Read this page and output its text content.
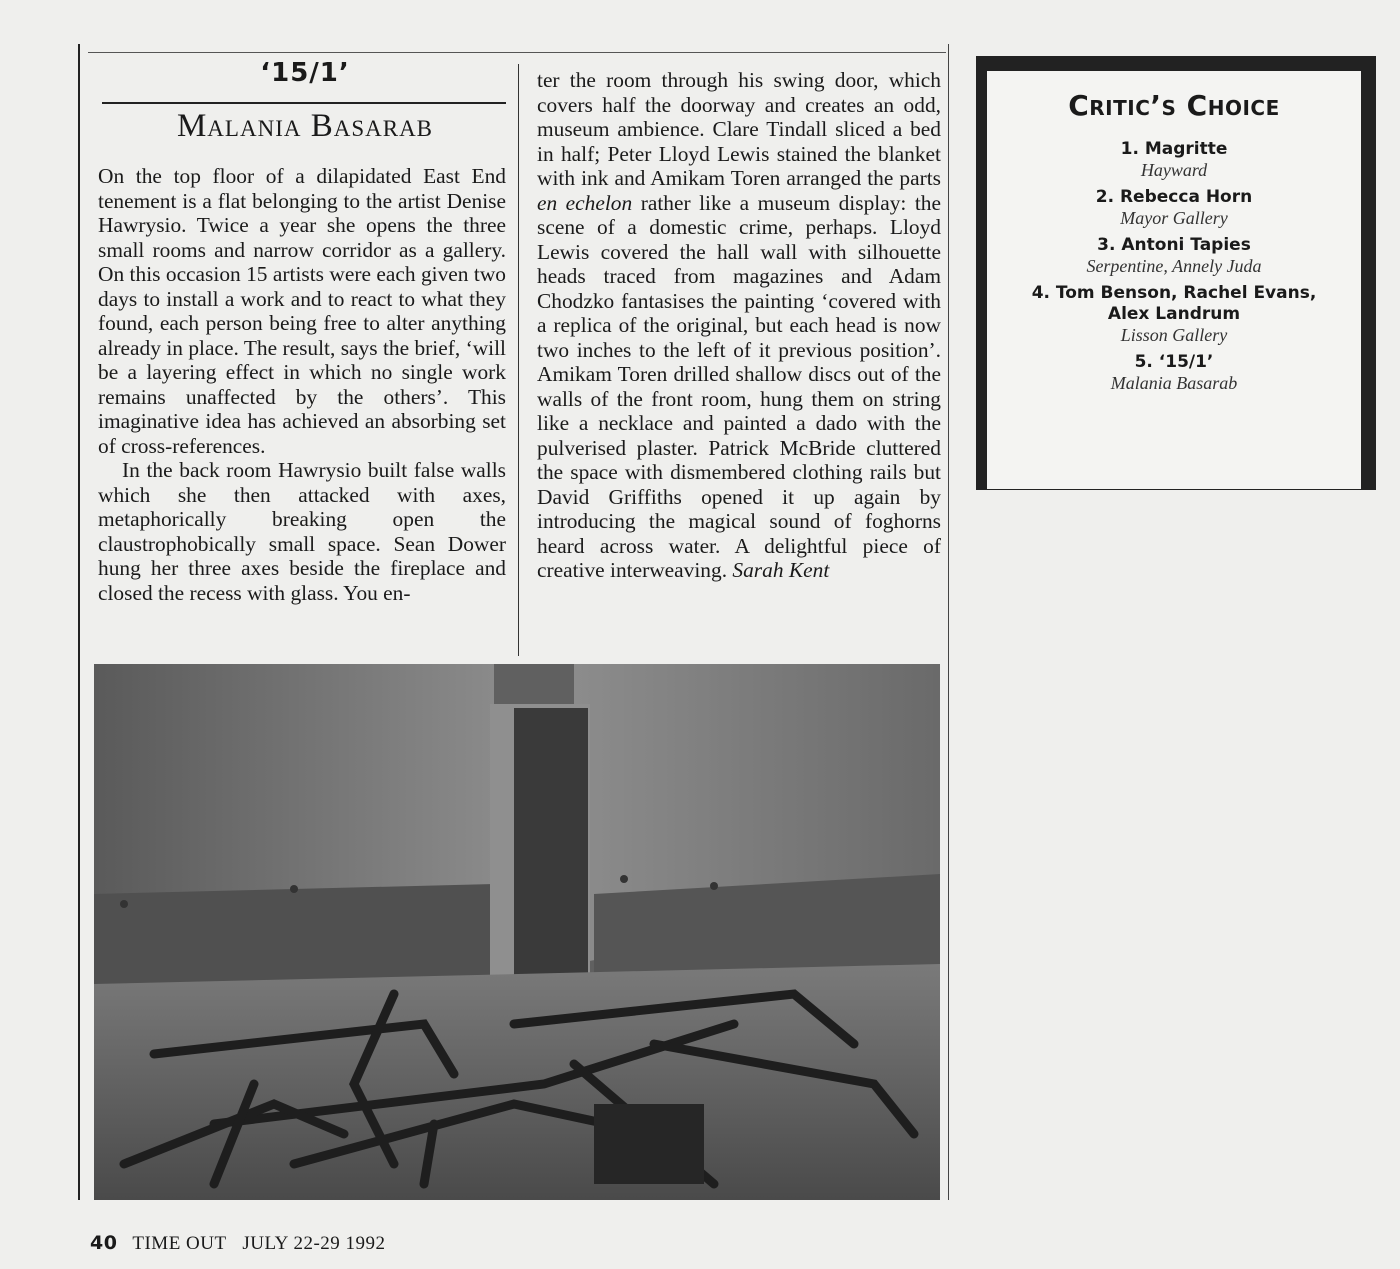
‘15/1’
Malania Basarab

On the top floor of a dilapidated East End tenement is a flat belonging to the artist Denise Hawrysio. Twice a year she opens the three small rooms and narrow corridor as a gallery. On this occasion 15 artists were each given two days to install a work and to react to what they found, each person being free to alter anything already in place. The result, says the brief, ‘will be a layering effect in which no single work remains unaffected by the others’. This imaginative idea has achieved an absorbing set of cross-references.

In the back room Hawrysio built false walls which she then attacked with axes, metaphorically breaking open the claustrophobically small space. Sean Dower hung her three axes beside the fireplace and closed the recess with glass. You en-

ter the room through his swing door, which covers half the doorway and creates an odd, museum ambience. Clare Tindall sliced a bed in half; Peter Lloyd Lewis stained the blanket with ink and Amikam Toren arranged the parts en echelon rather like a museum display: the scene of a domestic crime, perhaps. Lloyd Lewis covered the hall wall with silhouette heads traced from magazines and Adam Chodzko fantasises the painting ‘covered with a replica of the original, but each head is now two inches to the left of it previous position’. Amikam Toren drilled shallow discs out of the walls of the front room, hung them on string like a necklace and painted a dado with the pulverised plaster. Patrick McBride cluttered the space with dismembered clothing rails but David Griffiths opened it up again by introducing the magical sound of foghorns heard across water. A delightful piece of creative interweaving. Sarah Kent

40 TIME OUT JULY 22-29 1992
Critic’s Choice
1. Magritte
Hayward
2. Rebecca Horn
Mayor Gallery
3. Antoni Tapies
Serpentine, Annely Juda
4. Tom Benson, Rachel Evans, Alex Landrum
Lisson Gallery
5. ‘15/1’
Malania Basarab
